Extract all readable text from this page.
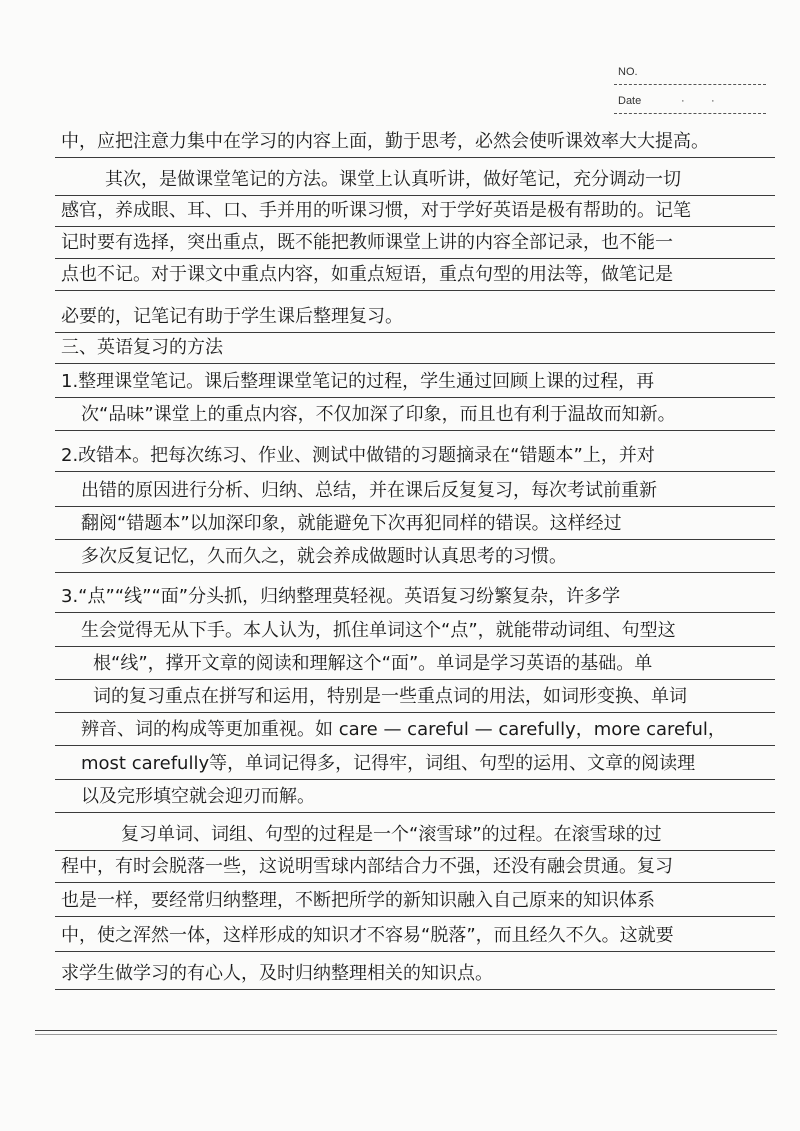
NO.
Date	· ·
中，应把注意力集中在学习的内容上面，勤于思考，必然会使听课效率大大提高。
其次，是做课堂笔记的方法。课堂上认真听讲，做好笔记，充分调动一切
感官，养成眼、耳、口、手并用的听课习惯，对于学好英语是极有帮助的。记笔
记时要有选择，突出重点，既不能把教师课堂上讲的内容全部记录，也不能一
点也不记。对于课文中重点内容，如重点短语，重点句型的用法等，做笔记是
必要的，记笔记有助于学生课后整理复习。
三、英语复习的方法
1.整理课堂笔记。课后整理课堂笔记的过程，学生通过回顾上课的过程，再
次“品味”课堂上的重点内容，不仅加深了印象，而且也有利于温故而知新。
2.改错本。把每次练习、作业、测试中做错的习题摘录在“错题本”上，并对
出错的原因进行分析、归纳、总结，并在课后反复复习，每次考试前重新
翻阅“错题本”以加深印象，就能避免下次再犯同样的错误。这样经过
多次反复记忆，久而久之，就会养成做题时认真思考的习惯。
3.“点”“线”“面”分头抓，归纳整理莫轻视。英语复习纷繁复杂，许多学
生会觉得无从下手。本人认为，抓住单词这个“点”，就能带动词组、句型这
根“线”，撑开文章的阅读和理解这个“面”。单词是学习英语的基础。单
词的复习重点在拼写和运用，特别是一些重点词的用法，如词形变换、单词
辨音、词的构成等更加重视。如 care — careful — carefully，more careful，
most carefully等，单词记得多，记得牢，词组、句型的运用、文章的阅读理
以及完形填空就会迎刃而解。
复习单词、词组、句型的过程是一个“滚雪球”的过程。在滚雪球的过
程中，有时会脱落一些，这说明雪球内部结合力不强，还没有融会贯通。复习
也是一样，要经常归纳整理，不断把所学的新知识融入自己原来的知识体系
中，使之浑然一体，这样形成的知识才不容易“脱落”，而且经久不久。这就要
求学生做学习的有心人，及时归纳整理相关的知识点。
